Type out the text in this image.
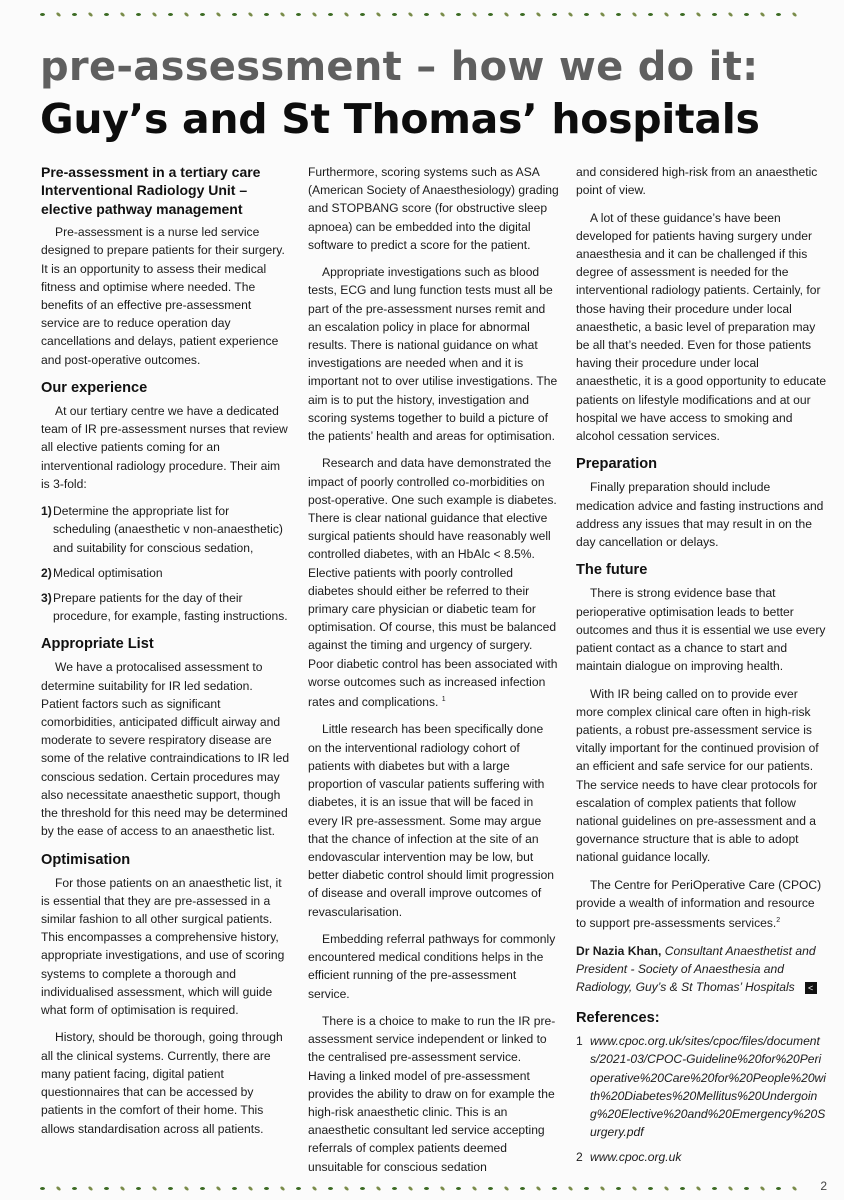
pre-assessment – how we do it:
Guy’s and St Thomas’ hospitals
Pre-assessment in a tertiary care Interventional Radiology Unit – elective pathway management

Pre-assessment is a nurse led service designed to prepare patients for their surgery. It is an opportunity to assess their medical fitness and optimise where needed. The benefits of an effective pre-assessment service are to reduce operation day cancellations and delays, patient experience and post-operative outcomes.

Our experience

At our tertiary centre we have a dedicated team of IR pre-assessment nurses that review all elective patients coming for an interventional radiology procedure. Their aim is 3-fold:

1) Determine the appropriate list for scheduling (anaesthetic v non-anaesthetic) and suitability for conscious sedation,
2) Medical optimisation
3) Prepare patients for the day of their procedure, for example, fasting instructions.
Appropriate List

We have a protocalised assessment to determine suitability for IR led sedation. Patient factors such as significant comorbidities, anticipated difficult airway and moderate to severe respiratory disease are some of the relative contraindications to IR led conscious sedation. Certain procedures may also necessitate anaesthetic support, though the threshold for this need may be determined by the ease of access to an anaesthetic list.

Optimisation

For those patients on an anaesthetic list, it is essential that they are pre-assessed in a similar fashion to all other surgical patients. This encompasses a comprehensive history, appropriate investigations, and use of scoring systems to complete a thorough and individualised assessment, which will guide what form of optimisation is required.

History, should be thorough, going through all the clinical systems. Currently, there are many patient facing, digital patient questionnaires that can be accessed by patients in the comfort of their home. This allows standardisation across all patients.

Furthermore, scoring systems such as ASA (American Society of Anaesthesiology) grading and STOPBANG score (for obstructive sleep apnoea) can be embedded into the digital software to predict a score for the patient.

Appropriate investigations such as blood tests, ECG and lung function tests must all be part of the pre-assessment nurses remit and an escalation policy in place for abnormal results. There is national guidance on what investigations are needed when and it is important not to over utilise investigations. The aim is to put the history, investigation and scoring systems together to build a picture of the patients’ health and areas for optimisation.

Research and data have demonstrated the impact of poorly controlled co-morbidities on post-operative. One such example is diabetes. There is clear national guidance that elective surgical patients should have reasonably well controlled diabetes, with an HbAlc < 8.5%. Elective patients with poorly controlled diabetes should either be referred to their primary care physician or diabetic team for optimisation. Of course, this must be balanced against the timing and urgency of surgery. Poor diabetic control has been associated with worse outcomes such as increased infection rates and complications. $^1$

Little research has been specifically done on the interventional radiology cohort of patients with diabetes but with a large proportion of vascular patients suffering with diabetes, it is an issue that will be faced in every IR pre-assessment. Some may argue that the chance of infection at the site of an endovascular intervention may be low, but better diabetic control should limit progression of disease and overall improve outcomes of revascularisation.

Embedding referral pathways for commonly encountered medical conditions helps in the efficient running of the pre-assessment service.

There is a choice to make to run the IR pre-assessment service independent or linked to the centralised pre-assessment service. Having a linked model of pre-assessment provides the ability to draw on for example the high-risk anaesthetic clinic. This is an anaesthetic consultant led service accepting referrals of complex patients deemed unsuitable for conscious sedation

and considered high-risk from an anaesthetic point of view.

A lot of these guidance’s have been developed for patients having surgery under anaesthesia and it can be challenged if this degree of assessment is needed for the interventional radiology patients. Certainly, for those having their procedure under local anaesthetic, a basic level of preparation may be all that’s needed. Even for those patients having their procedure under local anaesthetic, it is a good opportunity to educate patients on lifestyle modifications and at our hospital we have access to smoking and alcohol cessation services.

Preparation

Finally preparation should include medication advice and fasting instructions and address any issues that may result in on the day cancellation or delays.

The future

There is strong evidence base that perioperative optimisation leads to better outcomes and thus it is essential we use every patient contact as a chance to start and maintain dialogue on improving health.

With IR being called on to provide ever more complex clinical care often in high-risk patients, a robust pre-assessment service is vitally important for the continued provision of an efficient and safe service for our patients. The service needs to have clear protocols for escalation of complex patients that follow national guidelines on pre-assessment and a governance structure that is able to adopt national guidance locally.

The Centre for PeriOperative Care (CPOC) provide a wealth of information and resource to support pre-assessments services.$^2$

Dr Nazia Khan, Consultant Anaesthetist and President - Society of Anaesthesia and Radiology, Guy’s & St Thomas’ Hospitals <
References:
1 www.cpoc.org.uk/sites/cpoc/files/documents/2021-03/CPOC-Guideline%20for%20Perioperative%20Care%20for%20People%20with%20Diabetes%20Mellitus%20Undergoing%20Elective%20and%20Emergency%20Surgery.pdf
2 www.cpoc.org.uk
2
